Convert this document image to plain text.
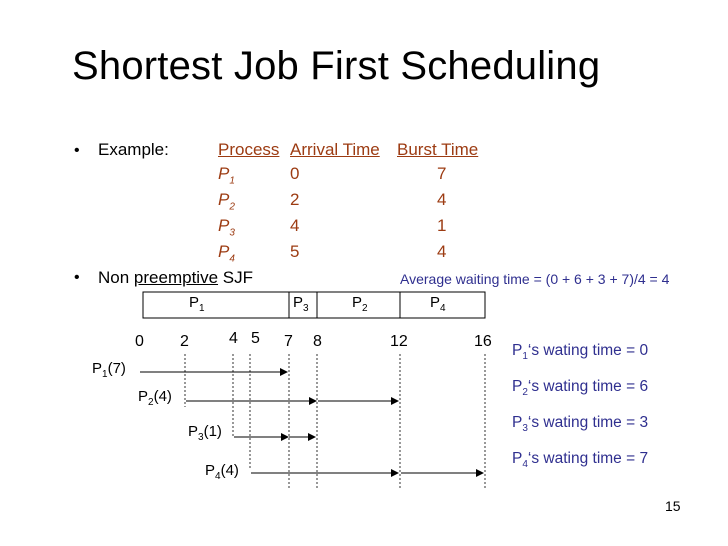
Shortest Job First Scheduling
• Example:	Process Arrival Time Burst Time
$P_1$	0	7
$P_2$	2	4
$P_3$	4	1
$P_4$	5	4
• Non preemptive SJF	Average waiting time = (0 + 6 + 3 + 7)/4 = 4
$P_1$	$P_3$	$P_2$	$P_4$
0 2	4 5 7 8	12	16
$P_1(7)$
$P_2(4)$
$P_3(1)$
$P_4(4)$
$P_1‘s$ wating time = 0
$P_2‘s$ wating time = 6
$P_3‘s$ wating time = 3
$P_4‘s$ wating time = 7
15
